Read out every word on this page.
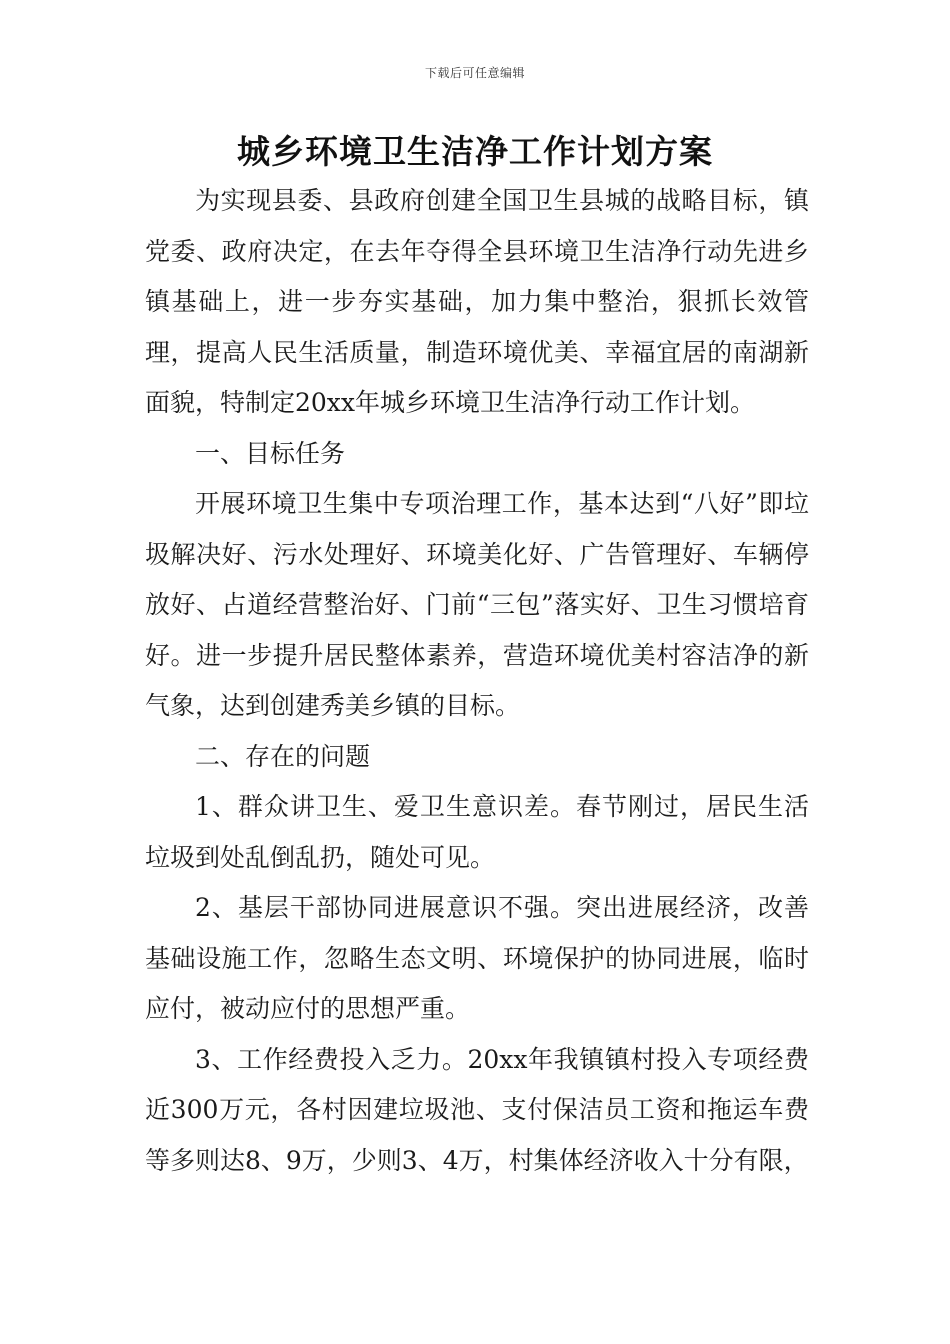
下载后可任意编辑
城乡环境卫生洁净工作计划方案

为实现县委、县政府创建全国卫生县城的战略目标，镇党委、政府决定，在去年夺得全县环境卫生洁净行动先进乡镇基础上，进一步夯实基础，加力集中整治，狠抓长效管理，提高人民生活质量，制造环境优美、幸福宜居的南湖新面貌，特制定20xx年城乡环境卫生洁净行动工作计划。

一、目标任务

开展环境卫生集中专项治理工作，基本达到“八好”即垃圾解决好、污水处理好、环境美化好、广告管理好、车辆停放好、占道经营整治好、门前“三包”落实好、卫生习惯培育好。进一步提升居民整体素养，营造环境优美村容洁净的新气象，达到创建秀美乡镇的目标。

二、存在的问题

1、群众讲卫生、爱卫生意识差。春节刚过，居民生活垃圾到处乱倒乱扔，随处可见。

2、基层干部协同进展意识不强。突出进展经济，改善基础设施工作，忽略生态文明、环境保护的协同进展，临时应付，被动应付的思想严重。

3、工作经费投入乏力。20xx年我镇镇村投入专项经费近300万元，各村因建垃圾池、支付保洁员工资和拖运车费等多则达8、9万，少则3、4万，村集体经济收入十分有限，
